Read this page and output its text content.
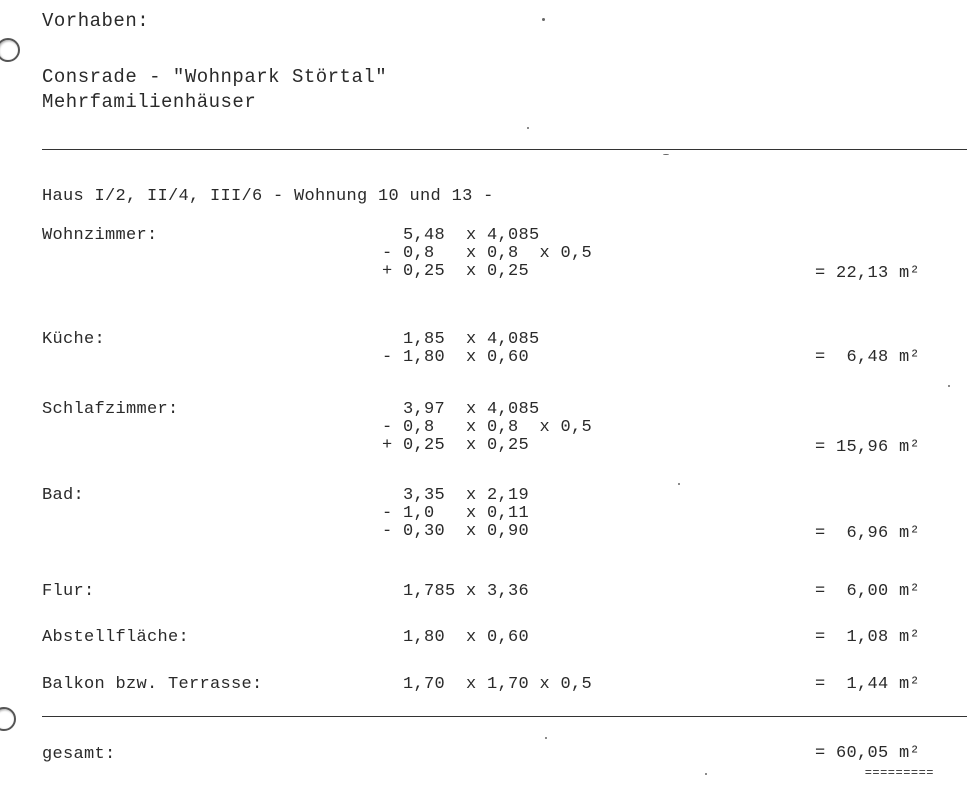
Vorhaben:
Consrade - "Wohnpark Störtal"
Mehrfamilienhäuser
Haus I/2, II/4, III/6 - Wohnung 10 und 13 -
Wohnzimmer:	5,48  x 4,085
- 0,8   x 0,8  x 0,5
+ 0,25  x 0,25	= 22,13 m²
Küche:	1,85  x 4,085
- 1,80  x 0,60	=  6,48 m²
Schlafzimmer:	3,97  x 4,085
- 0,8   x 0,8  x 0,5
+ 0,25  x 0,25	= 15,96 m²
Bad:	3,35  x 2,19
- 1,0   x 0,11
- 0,30  x 0,90	=  6,96 m²
Flur:	1,785 x 3,36	=  6,00 m²
Abstellfläche:	1,80  x 0,60	=  1,08 m²
Balkon bzw. Terrasse:	1,70  x 1,70 x 0,5	=  1,44 m²
gesamt:	= 60,05 m²
=========
